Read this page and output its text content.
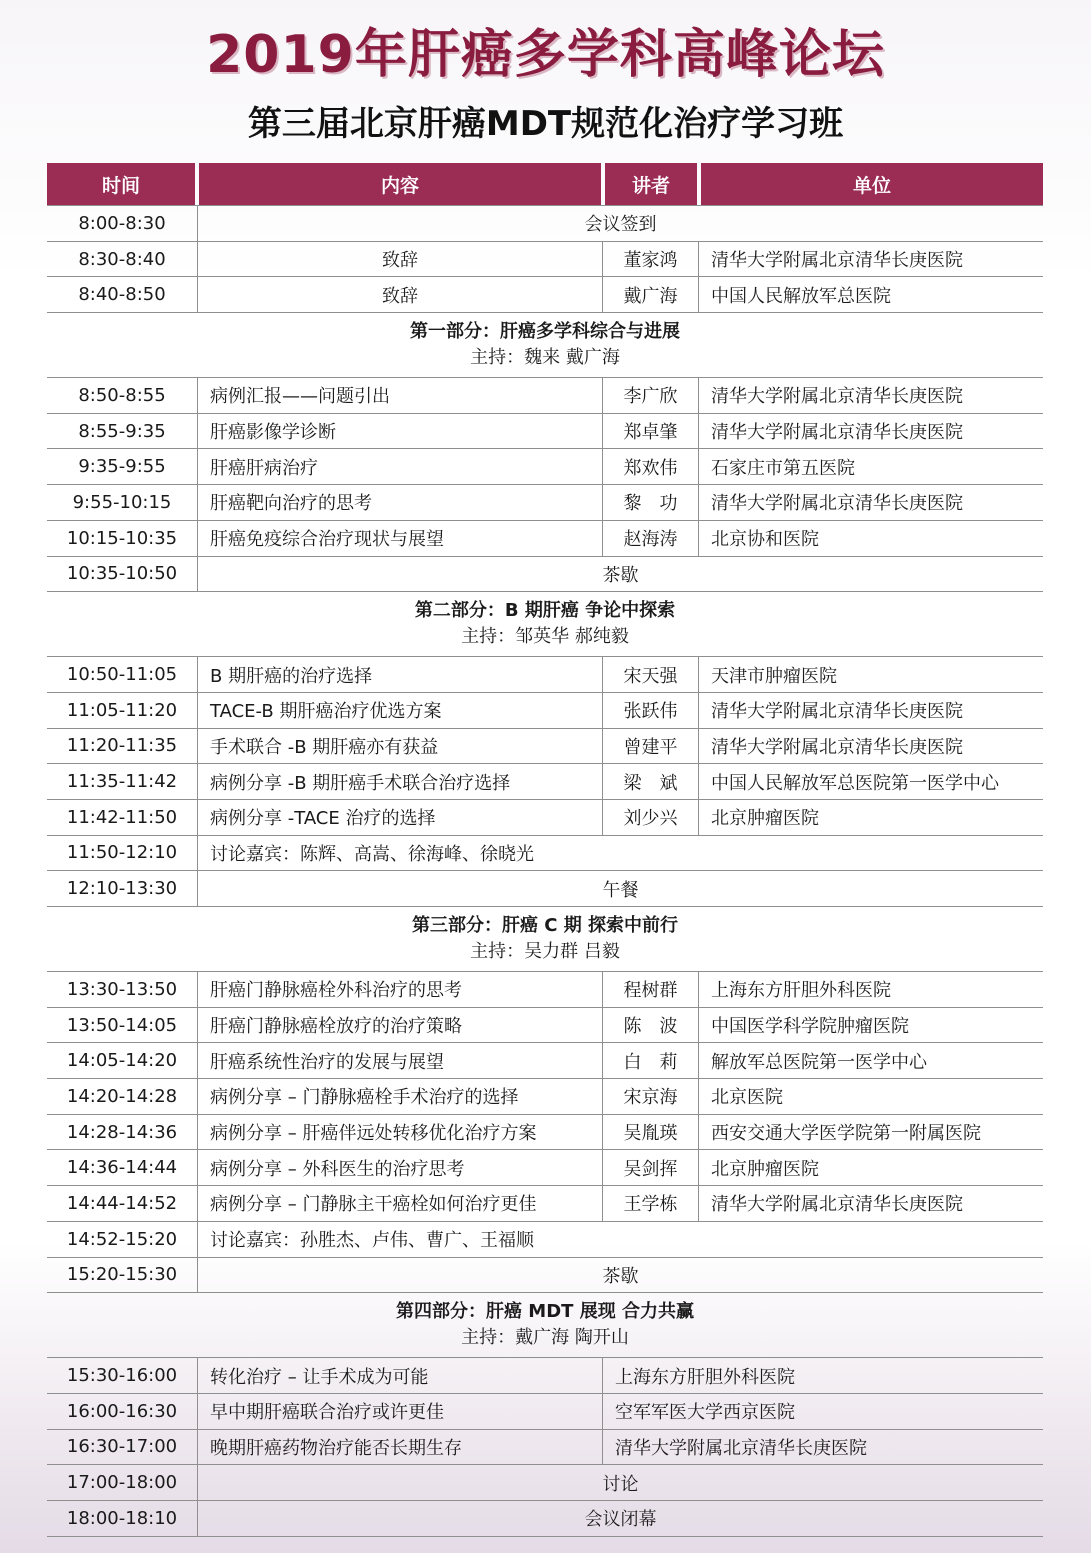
2019年肝癌多学科高峰论坛
第三届北京肝癌MDT规范化治疗学习班
时间	内容	讲者	单位
8:00-8:30	会议签到
8:30-8:40	致辞	董家鸿	清华大学附属北京清华长庚医院
8:40-8:50	致辞	戴广海	中国人民解放军总医院
第一部分：肝癌多学科综合与进展
主持：魏来 戴广海
8:50-8:55	病例汇报——问题引出	李广欣	清华大学附属北京清华长庚医院
8:55-9:35	肝癌影像学诊断	郑卓肇	清华大学附属北京清华长庚医院
9:35-9:55	肝癌肝病治疗	郑欢伟	石家庄市第五医院
9:55-10:15	肝癌靶向治疗的思考	黎　功	清华大学附属北京清华长庚医院
10:15-10:35	肝癌免疫综合治疗现状与展望	赵海涛	北京协和医院
10:35-10:50	茶歇
第二部分：B 期肝癌 争论中探索
主持：邹英华 郝纯毅
10:50-11:05	B 期肝癌的治疗选择	宋天强	天津市肿瘤医院
11:05-11:20	TACE-B 期肝癌治疗优选方案	张跃伟	清华大学附属北京清华长庚医院
11:20-11:35	手术联合 -B 期肝癌亦有获益	曾建平	清华大学附属北京清华长庚医院
11:35-11:42	病例分享 -B 期肝癌手术联合治疗选择	梁　斌	中国人民解放军总医院第一医学中心
11:42-11:50	病例分享 -TACE 治疗的选择	刘少兴	北京肿瘤医院
11:50-12:10	讨论嘉宾：陈辉、高嵩、徐海峰、徐晓光
12:10-13:30	午餐
第三部分：肝癌 C 期 探索中前行
主持：吴力群 吕毅
13:30-13:50	肝癌门静脉癌栓外科治疗的思考	程树群	上海东方肝胆外科医院
13:50-14:05	肝癌门静脉癌栓放疗的治疗策略	陈　波	中国医学科学院肿瘤医院
14:05-14:20	肝癌系统性治疗的发展与展望	白　莉	解放军总医院第一医学中心
14:20-14:28	病例分享 – 门静脉癌栓手术治疗的选择	宋京海	北京医院
14:28-14:36	病例分享 – 肝癌伴远处转移优化治疗方案	吴胤瑛	西安交通大学医学院第一附属医院
14:36-14:44	病例分享 – 外科医生的治疗思考	吴剑挥	北京肿瘤医院
14:44-14:52	病例分享 – 门静脉主干癌栓如何治疗更佳	王学栋	清华大学附属北京清华长庚医院
14:52-15:20	讨论嘉宾：孙胜杰、卢伟、曹广、王福顺
15:20-15:30	茶歇
第四部分：肝癌 MDT 展现 合力共赢
主持：戴广海 陶开山
15:30-16:00	转化治疗 – 让手术成为可能	上海东方肝胆外科医院
16:00-16:30	早中期肝癌联合治疗或许更佳	空军军医大学西京医院
16:30-17:00	晚期肝癌药物治疗能否长期生存	清华大学附属北京清华长庚医院
17:00-18:00	讨论
18:00-18:10	会议闭幕
